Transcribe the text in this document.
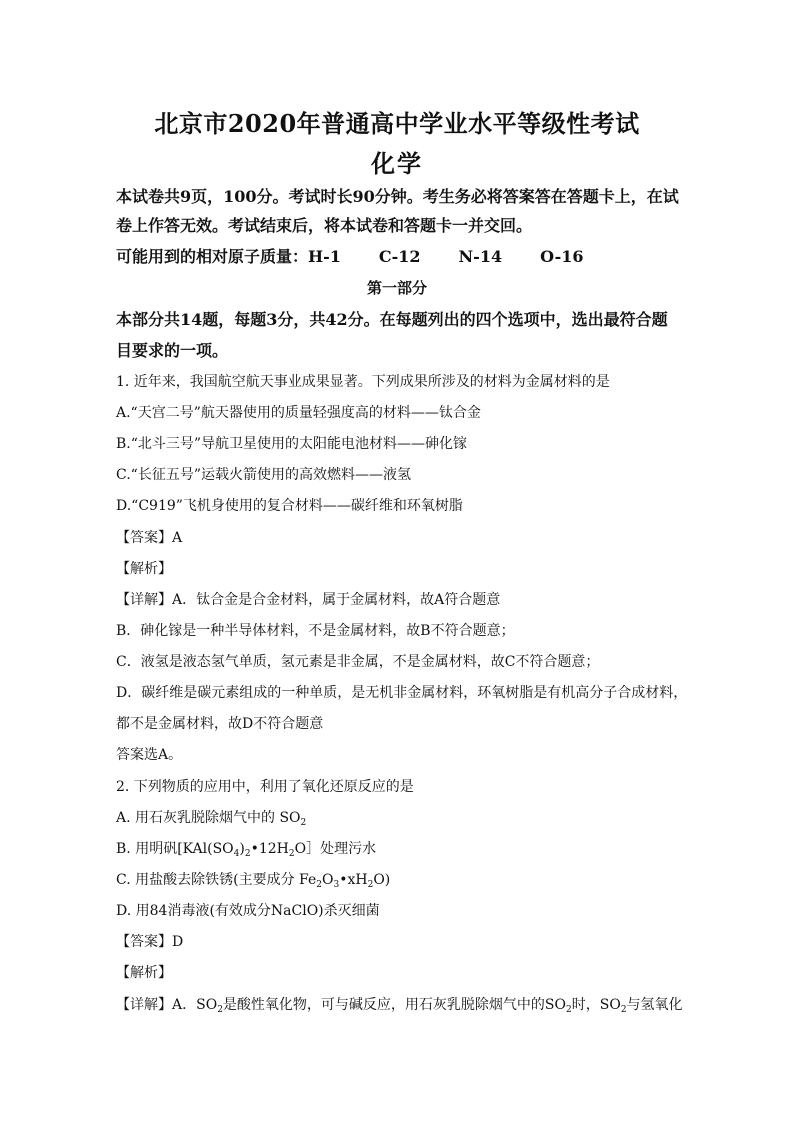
北京市2020年普通高中学业水平等级性考试
化学
本试卷共9页，100分。考试时长90分钟。考生务必将答案答在答题卡上，在试
卷上作答无效。考试结束后，将本试卷和答题卡一并交回。
可能用到的相对原子质量：H-1 C-12 N-14 O-16
第一部分
本部分共14题，每题3分，共42分。在每题列出的四个选项中，选出最符合题
目要求的一项。
1. 近年来，我国航空航天事业成果显著。下列成果所涉及的材料为金属材料的是
A.“天宫二号”航天器使用的质量轻强度高的材料——钛合金
B.“北斗三号”导航卫星使用的太阳能电池材料——砷化镓
C.“长征五号”运载火箭使用的高效燃料——液氢
D.“C919”飞机身使用的复合材料——碳纤维和环氧树脂
【答案】A
【解析】
【详解】A．钛合金是合金材料，属于金属材料，故A符合题意
B．砷化镓是一种半导体材料，不是金属材料，故B不符合题意；
C．液氢是液态氢气单质，氢元素是非金属，不是金属材料，故C不符合题意；
D．碳纤维是碳元素组成的一种单质，是无机非金属材料，环氧树脂是有机高分子合成材料，
都不是金属材料，故D不符合题意
答案选A。
2. 下列物质的应用中，利用了氧化还原反应的是
A. 用石灰乳脱除烟气中的 $SO_2$
B. 用明矾[$KAl(SO_4)_2•12H_2O]$处理污水
C. 用盐酸去除铁锈(主要成分 $Fe_2O_3•xH_2O$)
D. 用84消毒液(有效成分NaClO)杀灭细菌
【答案】D
【解析】
【详解】A．$SO_2$是酸性氧化物，可与碱反应，用石灰乳脱除烟气中的$SO_2$时，$SO_2$与氢氧化
